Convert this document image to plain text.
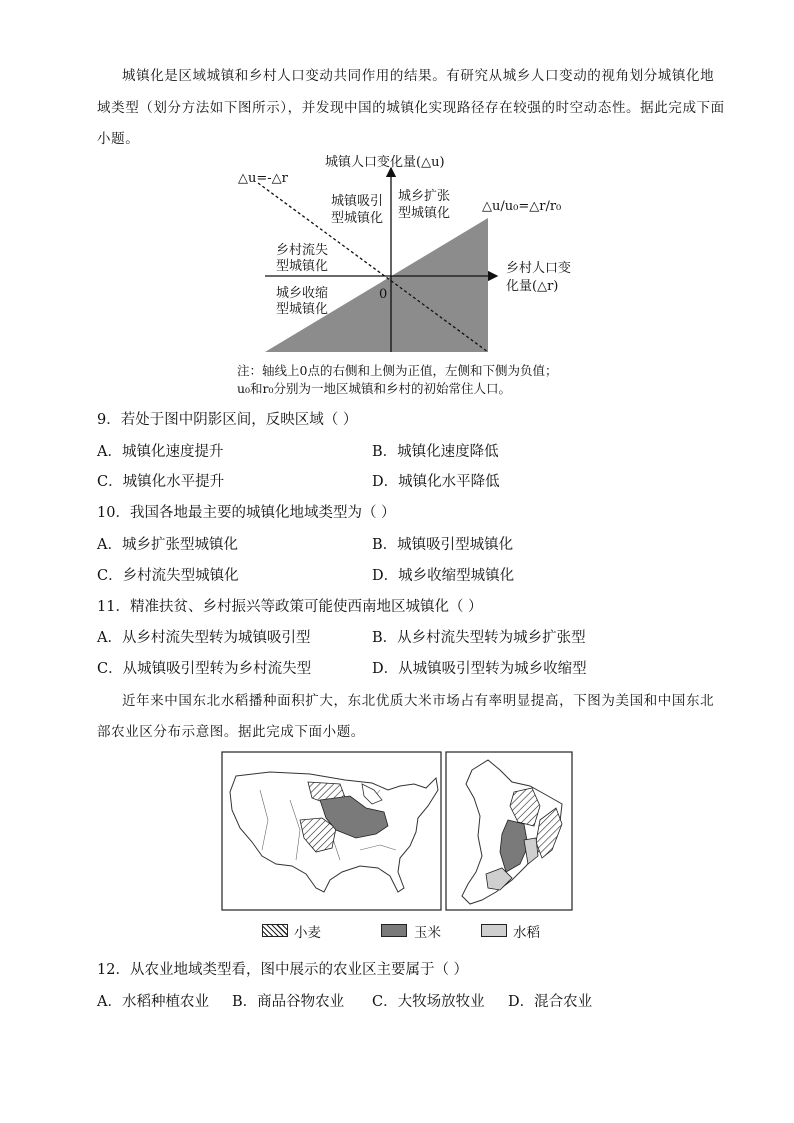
城镇化是区域城镇和乡村人口变动共同作用的结果。有研究从城乡人口变动的视角划分城镇化地
域类型（划分方法如下图所示），并发现中国的城镇化实现路径存在较强的时空动态性。据此完成下面
小题。
城镇人口变化量(△u)
乡村人口变
化量(△r)
0
△u=-△r
△u/u₀=△r/r₀
城镇吸引
型城镇化
城乡扩张
型城镇化
乡村流失
型城镇化
城乡收缩
型城镇化
注：轴线上0点的右侧和上侧为正值，左侧和下侧为负值；
u₀和r₀分别为一地区城镇和乡村的初始常住人口。
9．若处于图中阴影区间，反映区域（ ）
A．城镇化速度提升	B．城镇化速度降低
C．城镇化水平提升	D．城镇化水平降低
10．我国各地最主要的城镇化地域类型为（ ）
A．城乡扩张型城镇化	B．城镇吸引型城镇化
C．乡村流失型城镇化	D．城乡收缩型城镇化
11．精准扶贫、乡村振兴等政策可能使西南地区城镇化（ ）
A．从乡村流失型转为城镇吸引型	B．从乡村流失型转为城乡扩张型
C．从城镇吸引型转为乡村流失型	D．从城镇吸引型转为城乡收缩型
近年来中国东北水稻播种面积扩大，东北优质大米市场占有率明显提高，下图为美国和中国东北
部农业区分布示意图。据此完成下面小题。
小麦	玉米	水稻
12．从农业地域类型看，图中展示的农业区主要属于（ ）
A．水稻种植农业 B．商品谷物农业 C．大牧场放牧业 D．混合农业
